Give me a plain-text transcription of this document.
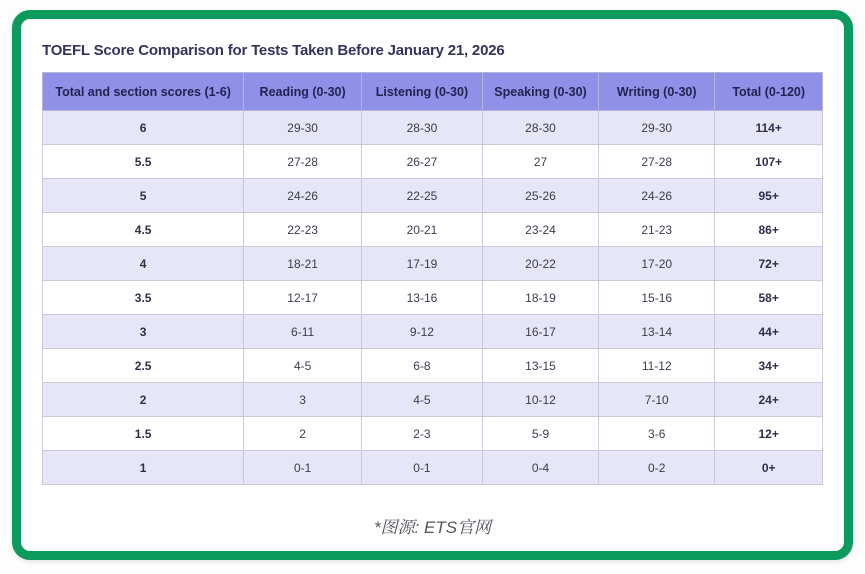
TOEFL Score Comparison for Tests Taken Before January 21, 2026
Total and section scores (1-6)	Reading (0-30)	Listening (0-30)	Speaking (0-30)	Writing (0-30)	Total (0-120)
6	29-30	28-30	28-30	29-30	114+
5.5	27-28	26-27	27	27-28	107+
5	24-26	22-25	25-26	24-26	95+
4.5	22-23	20-21	23-24	21-23	86+
4	18-21	17-19	20-22	17-20	72+
3.5	12-17	13-16	18-19	15-16	58+
3	6-11	9-12	16-17	13-14	44+
2.5	4-5	6-8	13-15	11-12	34+
2	3	4-5	10-12	7-10	24+
1.5	2	2-3	5-9	3-6	12+
1	0-1	0-1	0-4	0-2	0+
*图源: ETS官网
